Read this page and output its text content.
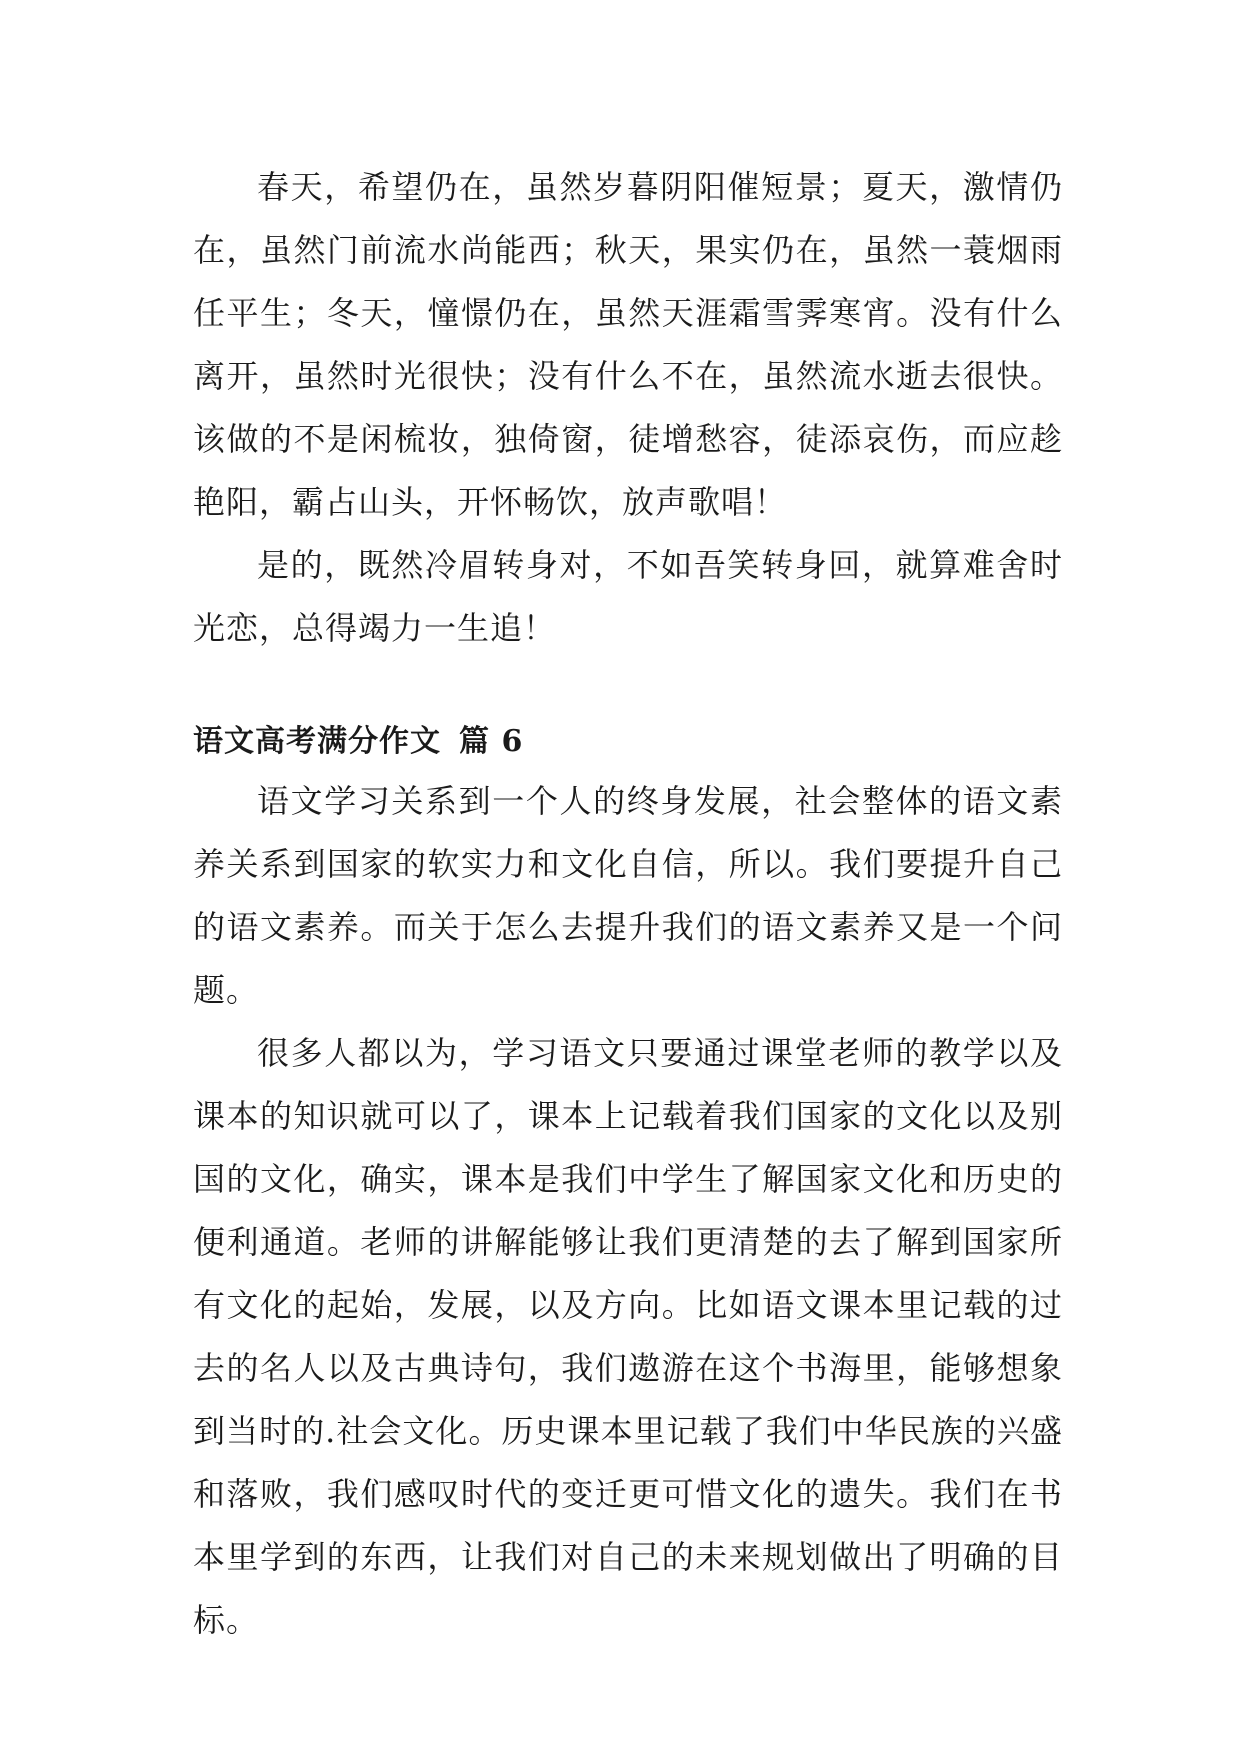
春天，希望仍在，虽然岁暮阴阳催短景；夏天，激情仍在，虽然门前流水尚能西；秋天，果实仍在，虽然一蓑烟雨任平生；冬天，憧憬仍在，虽然天涯霜雪霁寒宵。没有什么离开，虽然时光很快；没有什么不在，虽然流水逝去很快。该做的不是闲梳妆，独倚窗，徒增愁容，徒添哀伤，而应趁艳阳，霸占山头，开怀畅饮，放声歌唱！

是的，既然冷眉转身对，不如吾笑转身回，就算难舍时光恋，总得竭力一生追！

语文高考满分作文 篇 6

语文学习关系到一个人的终身发展，社会整体的语文素养关系到国家的软实力和文化自信，所以。我们要提升自己的语文素养。而关于怎么去提升我们的语文素养又是一个问题。

很多人都以为，学习语文只要通过课堂老师的教学以及课本的知识就可以了，课本上记载着我们国家的文化以及别国的文化，确实，课本是我们中学生了解国家文化和历史的便利通道。老师的讲解能够让我们更清楚的去了解到国家所有文化的起始，发展，以及方向。比如语文课本里记载的过去的名人以及古典诗句，我们遨游在这个书海里，能够想象到当时的.社会文化。历史课本里记载了我们中华民族的兴盛和落败，我们感叹时代的变迁更可惜文化的遗失。我们在书本里学到的东西，让我们对自己的未来规划做出了明确的目标。
